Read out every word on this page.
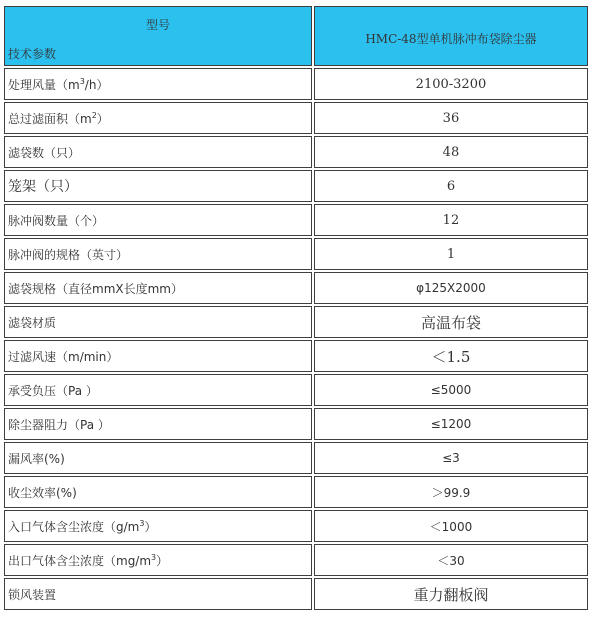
型号
技术参数	HMC-48型单机脉冲布袋除尘器
处理风量$(m^3/h)$	2100-3200
总过滤面积$(m^2)$	36
滤袋数（只）	48
笼架（只）	6
脉冲阀数量（个）	12
脉冲阀的规格（英寸）	1
滤袋规格（直径mmX长度mm）	φ125X2000
滤袋材质	高温布袋
过滤风速（m/min）	＜1.5
承受负压（Pa ）	≤5000
除尘器阻力（Pa ）	≤1200
漏风率(%)	≤3
收尘效率(%)	＞99.9
入口气体含尘浓度$(g/m^3)$	＜1000
出口气体含尘浓度$(mg/m^3)$	＜30
锁风装置	重力翻板阀
